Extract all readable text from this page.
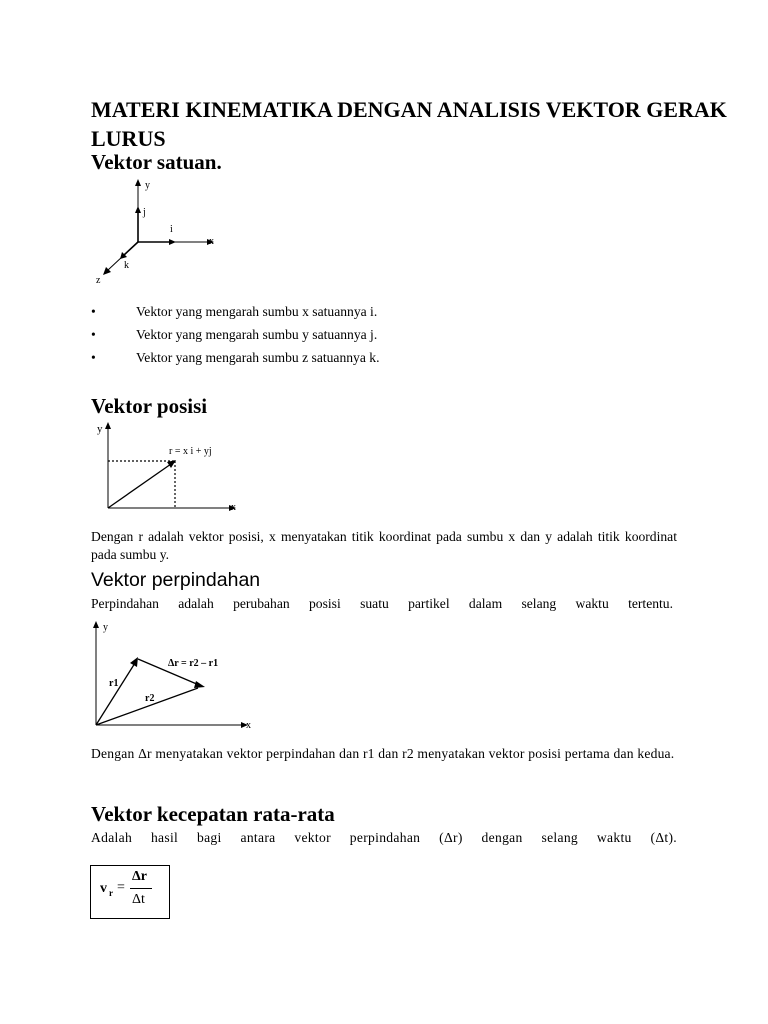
MATERI KINEMATIKA DENGAN ANALISIS VEKTOR GERAK LURUS
Vektor satuan.
y
j
i
x
k
z
•	Vektor yang mengarah sumbu x satuannya i.
•	Vektor yang mengarah sumbu y satuannya j.
•	Vektor yang mengarah sumbu z satuannya k.
Vektor posisi
y
x
r = x i + yj

Dengan r adalah vektor posisi, x menyatakan titik koordinat pada sumbu x dan y adalah titik koordinat pada sumbu y.

Vektor perpindahan

Perpindahan adalah perubahan posisi suatu partikel dalam selang waktu tertentu.

y
x
r1
r2
Δr = r2 – r1

Dengan Δr menyatakan vektor perpindahan dan r1 dan r2 menyatakan vektor posisi pertama dan kedua.

Vektor kecepatan rata-rata

Adalah hasil bagi antara vektor perpindahan (Δr) dengan selang waktu (Δt).

v r =
Δr
Δt
